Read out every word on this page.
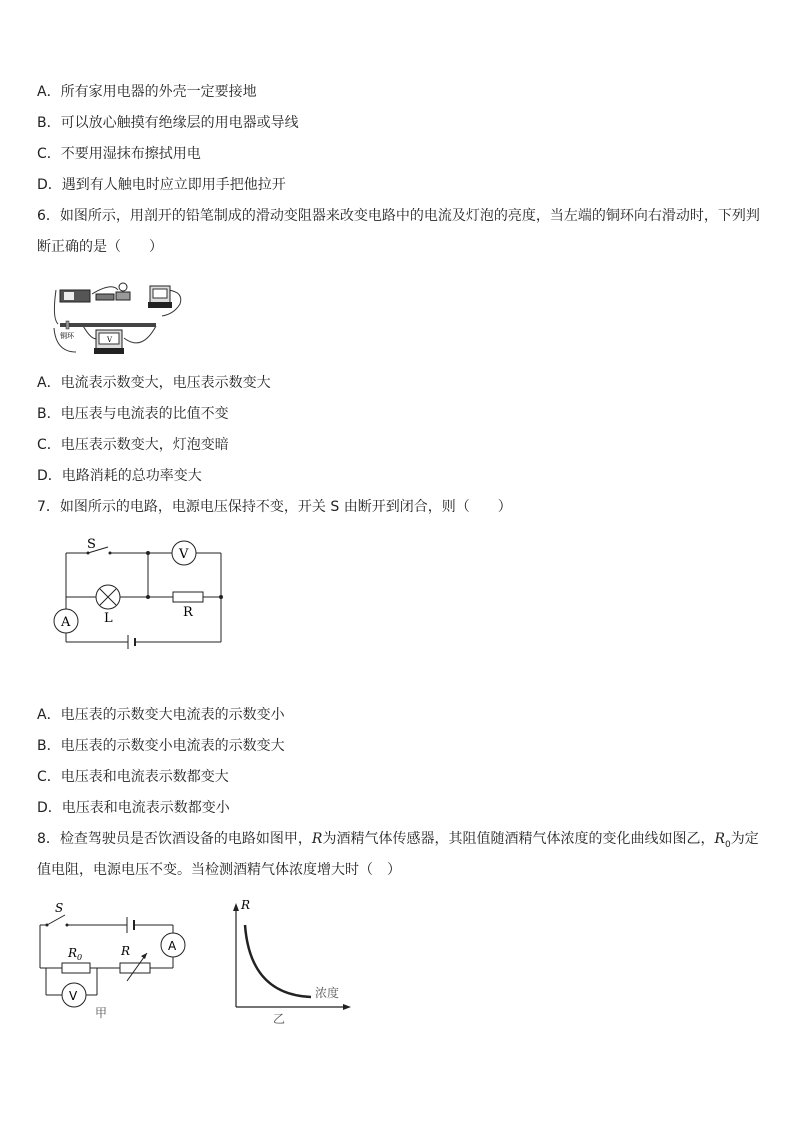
A．所有家用电器的外壳一定要接地
B．可以放心触摸有绝缘层的用电器或导线
C．不要用湿抹布擦拭用电
D．遇到有人触电时应立即用手把他拉开
6．如图所示，用剖开的铅笔制成的滑动变阻器来改变电路中的电流及灯泡的亮度，当左端的铜环向右滑动时，下列判
断正确的是（　　）
V
铜环
A．电流表示数变大，电压表示数变大
B．电压表与电流表的比值不变
C．电压表示数变大，灯泡变暗
D．电路消耗的总功率变大
7．如图所示的电路，电源电压保持不变，开关 S 由断开到闭合，则（　　）
V
A
S
L	R
A．电压表的示数变大电流表的示数变小
B．电压表的示数变小电流表的示数变大
C．电压表和电流表示数都变大
D．电压表和电流表示数都变小
8．检查驾驶员是否饮酒设备的电路如图甲，R为酒精气体传感器，其阻值随酒精气体浓度的变化曲线如图乙，$R_0$为定
值电阻，电源电压不变。当检测酒精气体浓度增大时（　）
A
V
S
$R_0$	R
甲
R
浓度
乙
